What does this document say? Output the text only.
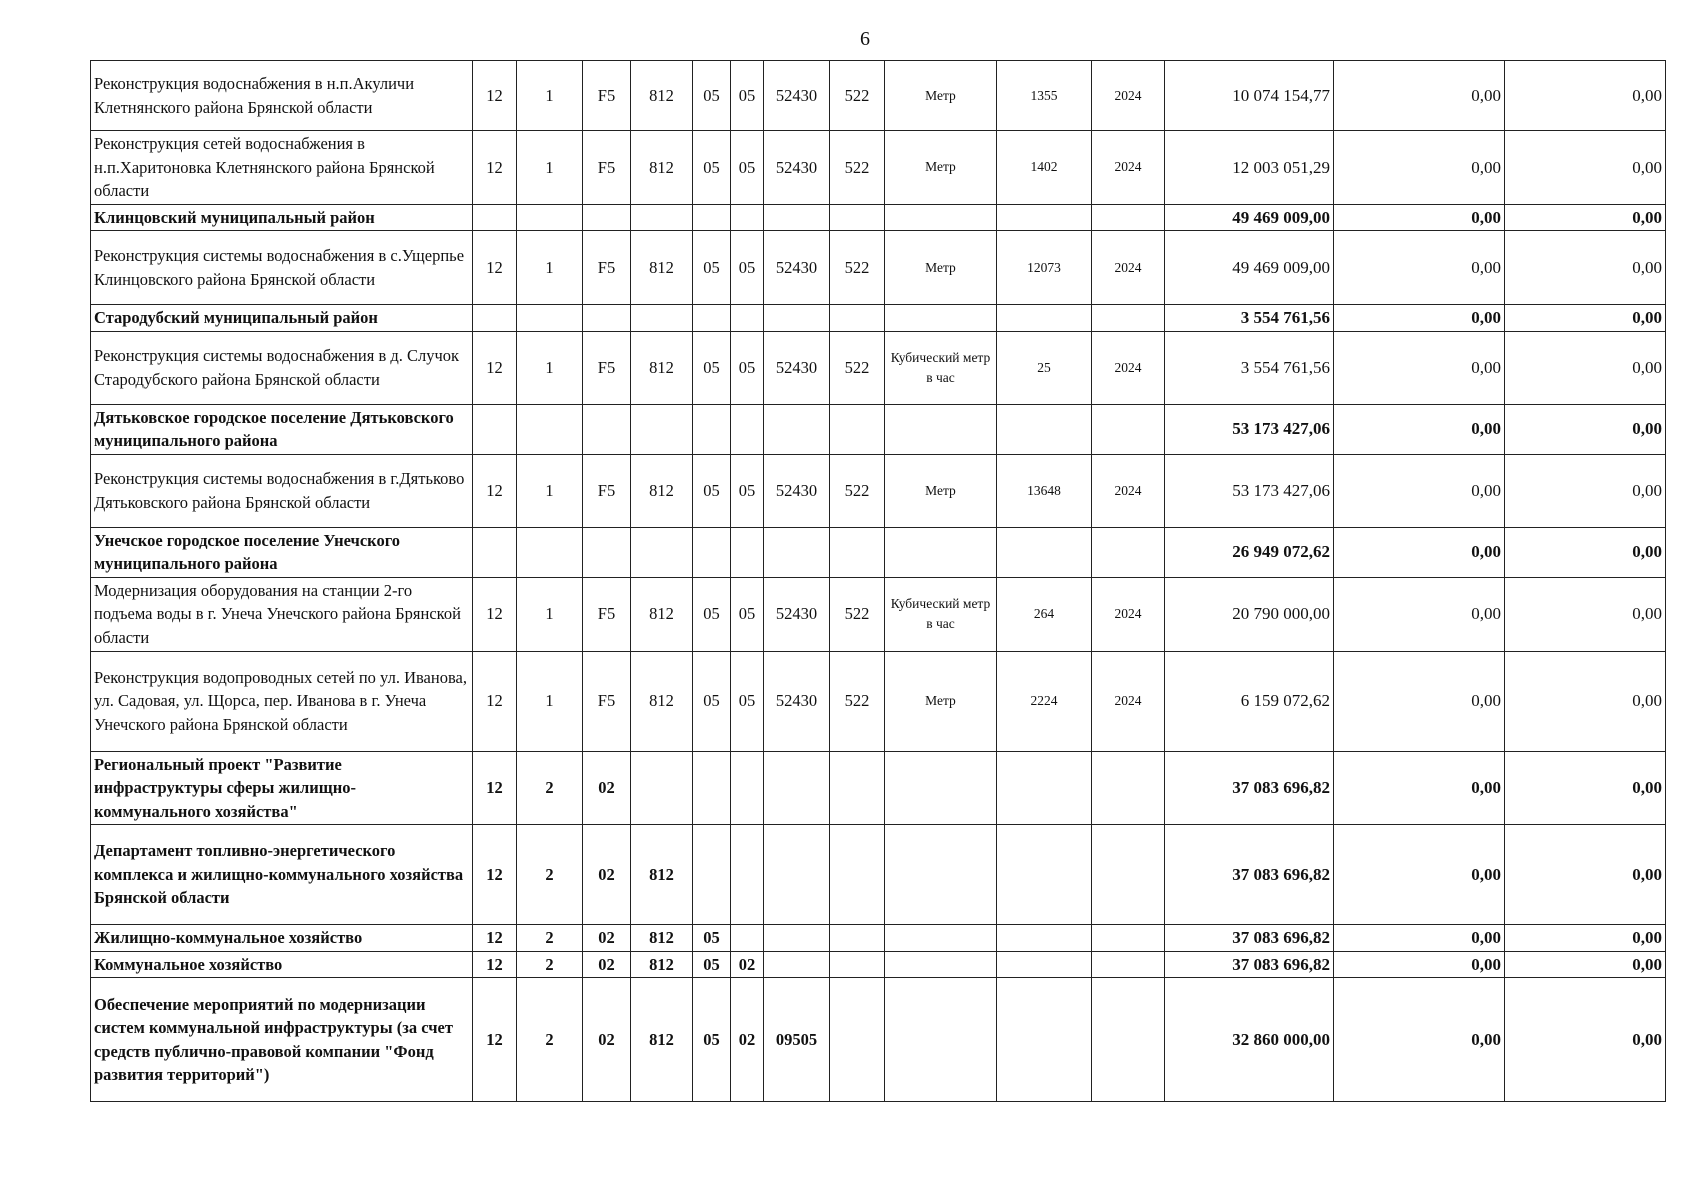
6
Реконструкция водоснабжения в н.п.Акуличи Клетнянского района Брянской области	12	1	F5	812	05	05	52430	522	Метр	1355	2024	10 074 154,77	0,00	0,00
Реконструкция сетей водоснабжения в н.п.Харитоновка Клетнянского района Брянской области	12	1	F5	812	05	05	52430	522	Метр	1402	2024	12 003 051,29	0,00	0,00
Клинцовский муниципальный район												49 469 009,00	0,00	0,00
Реконструкция системы водоснабжения в с.Ущерпье Клинцовского района Брянской области	12	1	F5	812	05	05	52430	522	Метр	12073	2024	49 469 009,00	0,00	0,00
Стародубский муниципальный район												3 554 761,56	0,00	0,00
Реконструкция системы водоснабжения в д. Случок Стародубского района Брянской области	12	1	F5	812	05	05	52430	522	Кубический метр в час	25	2024	3 554 761,56	0,00	0,00
Дятьковское городское поселение Дятьковского муниципального района												53 173 427,06	0,00	0,00
Реконструкция системы водоснабжения в г.Дятьково Дятьковского района Брянской области	12	1	F5	812	05	05	52430	522	Метр	13648	2024	53 173 427,06	0,00	0,00
Унечское городское поселение Унечского муниципального района												26 949 072,62	0,00	0,00
Модернизация оборудования на станции 2-го подъема воды в г. Унеча Унечского района Брянской области	12	1	F5	812	05	05	52430	522	Кубический метр в час	264	2024	20 790 000,00	0,00	0,00
Реконструкция водопроводных сетей по ул. Иванова, ул. Садовая, ул. Щорса, пер. Иванова в г. Унеча Унечского района Брянской области	12	1	F5	812	05	05	52430	522	Метр	2224	2024	6 159 072,62	0,00	0,00
Региональный проект "Развитие инфраструктуры сферы жилищно-коммунального хозяйства"	12	2	02									37 083 696,82	0,00	0,00
Департамент топливно-энергетического комплекса и жилищно-коммунального хозяйства Брянской области	12	2	02	812								37 083 696,82	0,00	0,00
Жилищно-коммунальное хозяйство	12	2	02	812	05							37 083 696,82	0,00	0,00
Коммунальное хозяйство	12	2	02	812	05	02						37 083 696,82	0,00	0,00
Обеспечение мероприятий по модернизации систем коммунальной инфраструктуры (за счет средств публично-правовой компании "Фонд развития территорий")	12	2	02	812	05	02	09505					32 860 000,00	0,00	0,00
